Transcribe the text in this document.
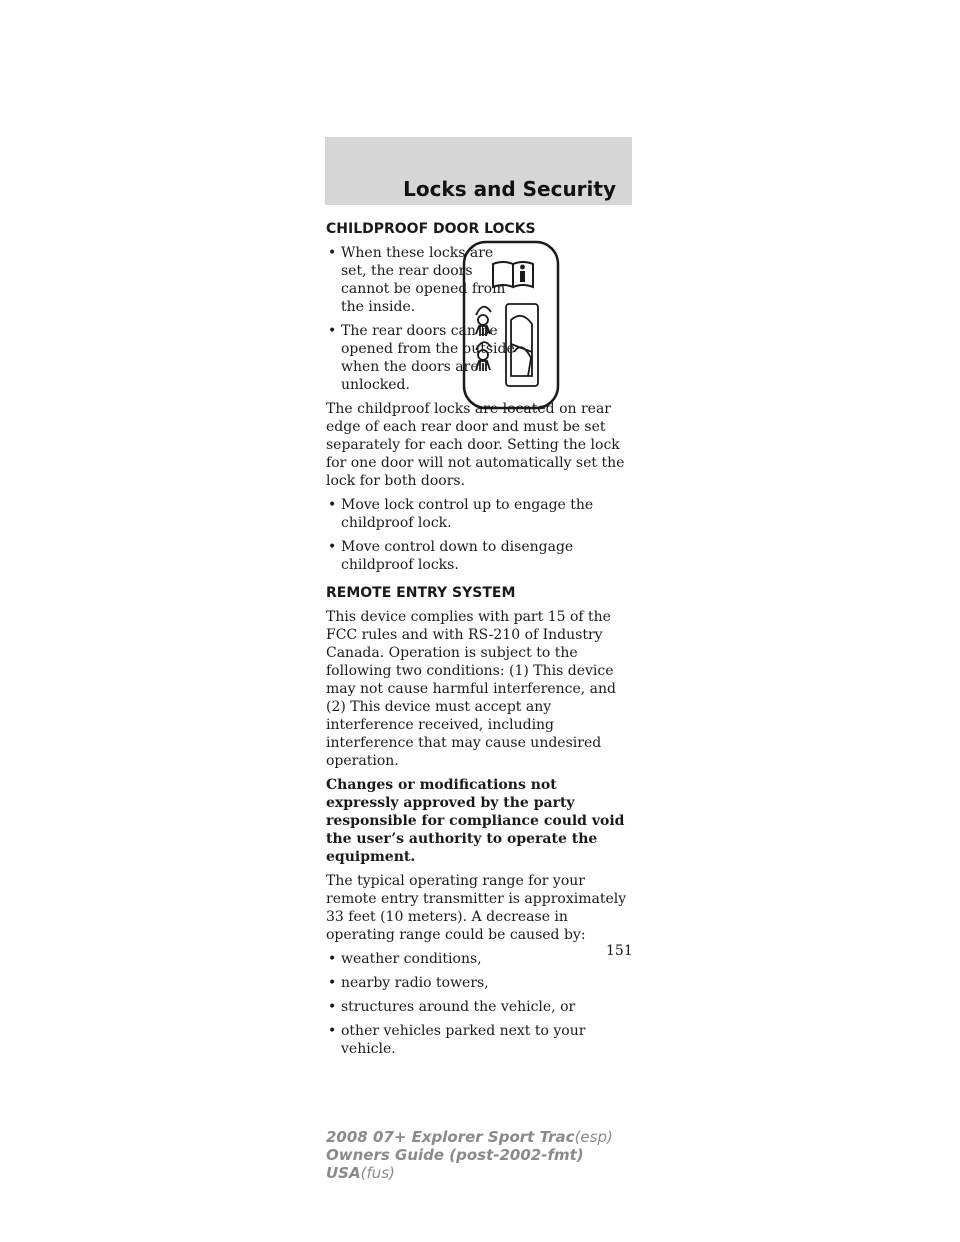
Locks and Security
CHILDPROOF DOOR LOCKS
• When these locks are set, the rear doors cannot be opened from the inside.
• The rear doors can be opened from the outside when the doors are unlocked.

The childproof locks are located on rear edge of each rear door and must be set separately for each door. Setting the lock for one door will not automatically set the lock for both doors.

• Move lock control up to engage the childproof lock.
• Move control down to disengage childproof locks.
REMOTE ENTRY SYSTEM

This device complies with part 15 of the FCC rules and with RS-210 of Industry Canada. Operation is subject to the following two conditions: (1) This device may not cause harmful interference, and (2) This device must accept any interference received, including interference that may cause undesired operation.

Changes or modifications not expressly approved by the party responsible for compliance could void the user’s authority to operate the equipment.

The typical operating range for your remote entry transmitter is approximately 33 feet (10 meters). A decrease in operating range could be caused by:

• weather conditions,
• nearby radio towers,
• structures around the vehicle, or
• other vehicles parked next to your vehicle.
151
2008 07+ Explorer Sport Trac(esp)
Owners Guide (post-2002-fmt)
USA(fus)
